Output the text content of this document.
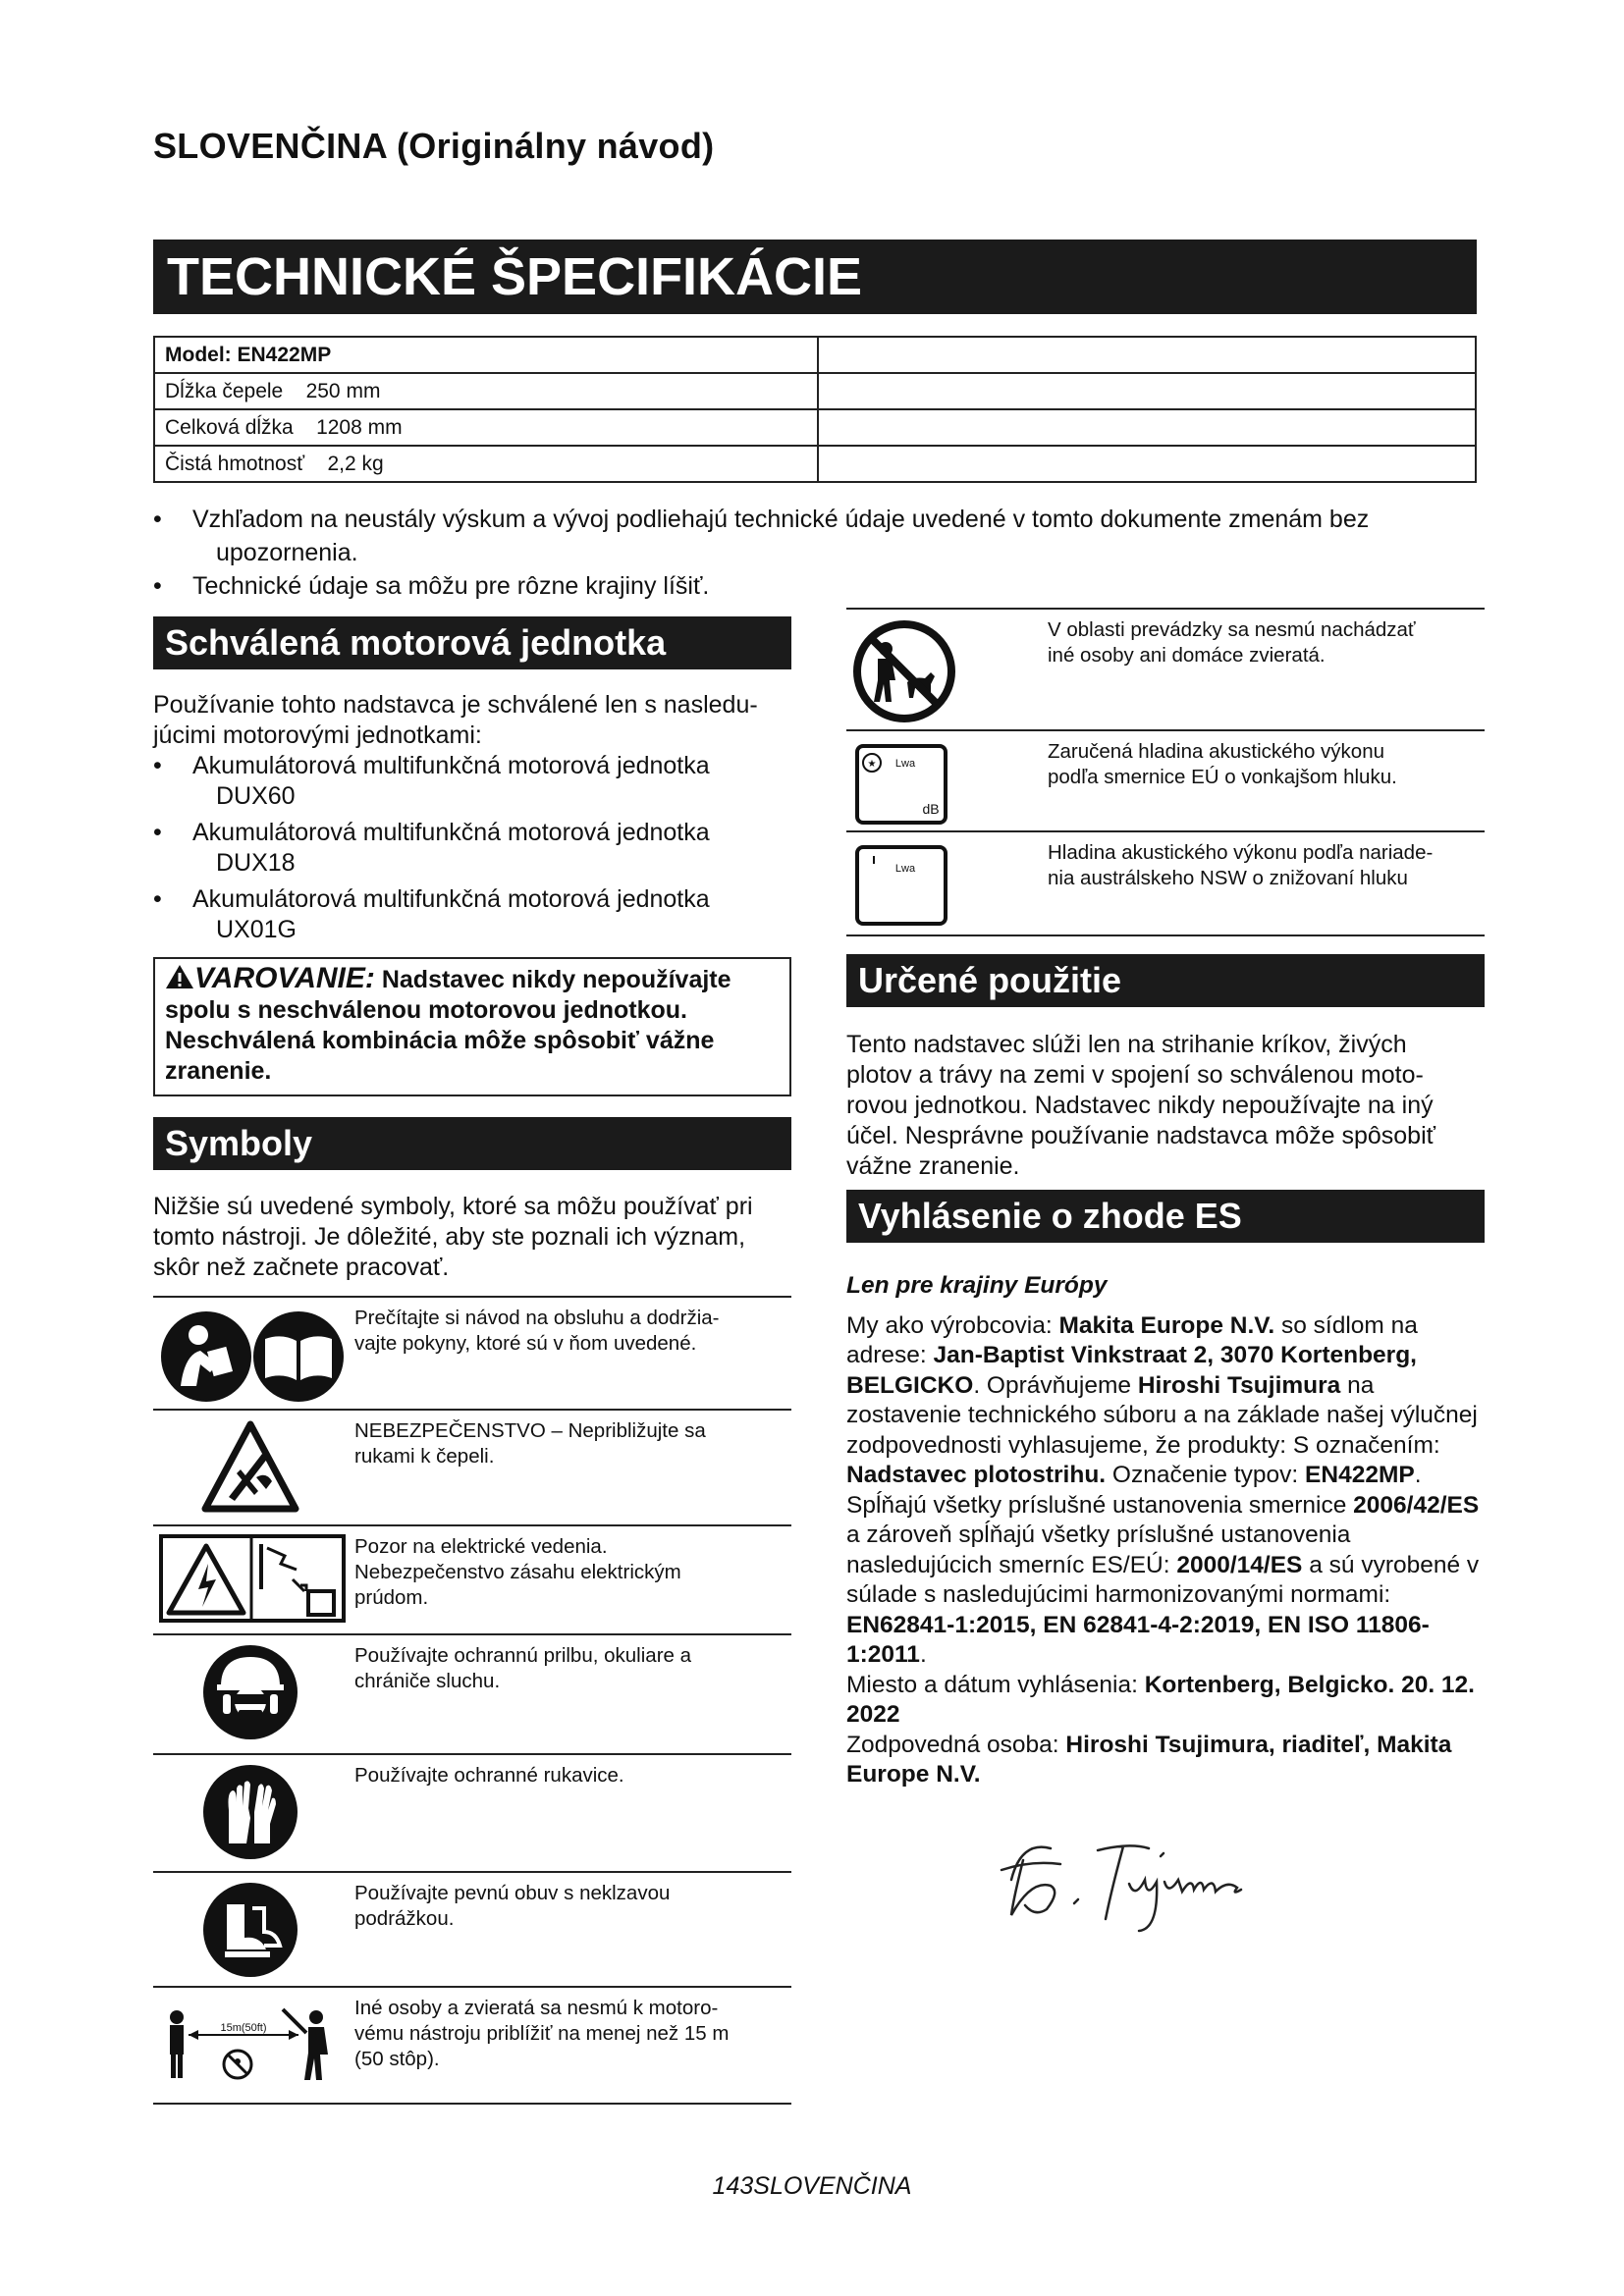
SLOVENČINA (Originálny návod)
TECHNICKÉ ŠPECIFIKÁCIE
Model: EN422MP	
Dĺžka čepele 250 mm	
Celková dĺžka 1208 mm	
Čistá hmotnosť 2,2 kg	
• Vzhľadom na neustály výskum a vývoj podliehajú technické údaje uvedené v tomto dokumente zmenám bez
upozornenia.
• Technické údaje sa môžu pre rôzne krajiny líšiť.
Schválená motorová jednotka
Používanie tohto nadstavca je schválené len s nasledu-
júcimi motorovými jednotkami:
• Akumulátorová multifunkčná motorová jednotka
DUX60
• Akumulátorová multifunkčná motorová jednotka
DUX18
• Akumulátorová multifunkčná motorová jednotka
UX01G
VAROVANIE: Nadstavec nikdy nepoužívajte
spolu s neschválenou motorovou jednotkou.
Neschválená kombinácia môže spôsobiť vážne
zranenie.
Symboly
Nižšie sú uvedené symboly, ktoré sa môžu používať pri
tomto nástroji. Je dôležité, aby ste poznali ich význam,
skôr než začnete pracovať.
Prečítajte si návod na obsluhu a dodržia-
vajte pokyny, ktoré sú v ňom uvedené.
NEBEZPEČENSTVO – Nepribližujte sa
rukami k čepeli.
Pozor na elektrické vedenia.
Nebezpečenstvo zásahu elektrickým
prúdom.
Používajte ochrannú prilbu, okuliare a
chrániče sluchu.
Používajte ochranné rukavice.
Používajte pevnú obuv s neklzavou
podrážkou.
15m(50ft)
Iné osoby a zvieratá sa nesmú k motoro-
vému nástroju priblížiť na menej než 15 m
(50 stôp).
V oblasti prevádzky sa nesmú nachádzať
iné osoby ani domáce zvieratá.
★ Lwa
dB
Zaručená hladina akustického výkonu
podľa smernice EÚ o vonkajšom hluku.
Lwa
Hladina akustického výkonu podľa nariade-
nia austrálskeho NSW o znižovaní hluku
Určené použitie
Tento nadstavec slúži len na strihanie kríkov, živých
plotov a trávy na zemi v spojení so schválenou moto-
rovou jednotkou. Nadstavec nikdy nepoužívajte na iný
účel. Nesprávne používanie nadstavca môže spôsobiť
vážne zranenie.
Vyhlásenie o zhode ES
Len pre krajiny Európy
My ako výrobcovia: Makita Europe N.V. so sídlom na adrese: Jan-Baptist Vinkstraat 2, 3070 Kortenberg, BELGICKO. Oprávňujeme Hiroshi Tsujimura na zostavenie technického súboru a na základe našej výlučnej zodpovednosti vyhlasujeme, že produkty: S označením: Nadstavec plotostrihu. Označenie typov: EN422MP. Spĺňajú všetky príslušné ustanovenia smernice 2006/42/ES a zároveň spĺňajú všetky príslušné ustanovenia nasledujúcich smerníc ES/EÚ: 2000/14/ES a sú vyrobené v súlade s nasledujúcimi harmonizovanými normami: EN62841-1:2015, EN 62841-4-2:2019, EN ISO 11806-1:2011.
Miesto a dátum vyhlásenia: Kortenberg, Belgicko. 20. 12. 2022
Zodpovedná osoba: Hiroshi Tsujimura, riaditeľ, Makita Europe N.V.
143SLOVENČINA
